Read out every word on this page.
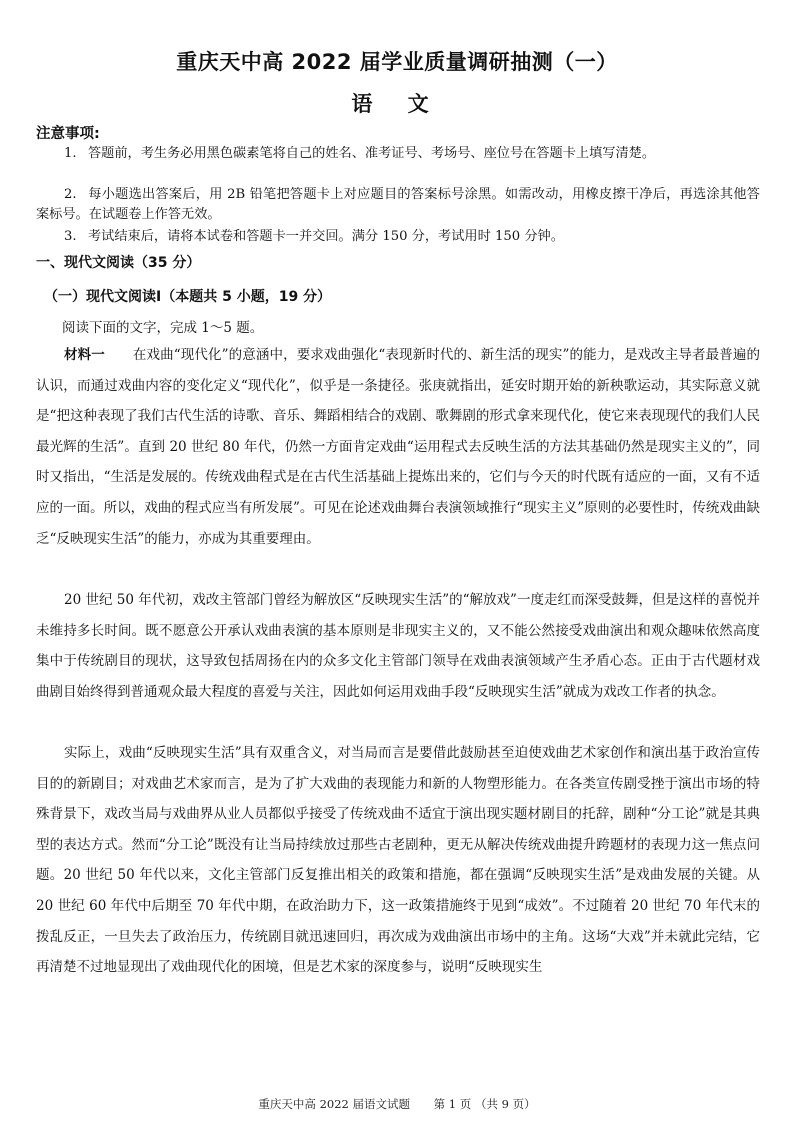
重庆天中高 2022 届学业质量调研抽测（一）
语 文
注意事项:
1. 答题前，考生务必用黑色碳素笔将自己的姓名、准考证号、考场号、座位号在答题卡上填写清楚。
2. 每小题选出答案后，用 2B 铅笔把答题卡上对应题目的答案标号涂黑。如需改动，用橡皮擦干净后，再选涂其他答案标号。在试题卷上作答无效。
3. 考试结束后，请将本试卷和答题卡一并交回。满分 150 分，考试用时 150 分钟。
一、现代文阅读（35 分）
（一）现代文阅读Ⅰ（本题共 5 小题，19 分）
阅读下面的文字，完成 1～5 题。

材料一 在戏曲“现代化”的意涵中，要求戏曲强化“表现新时代的、新生活的现实”的能力，是戏改主导者最普遍的认识，而通过戏曲内容的变化定义“现代化”，似乎是一条捷径。张庚就指出，延安时期开始的新秧歌运动，其实际意义就是“把这种表现了我们古代生活的诗歌、音乐、舞蹈相结合的戏剧、歌舞剧的形式拿来现代化，使它来表现现代的我们人民最光辉的生活”。直到 20 世纪 80 年代，仍然一方面肯定戏曲“运用程式去反映生活的方法其基础仍然是现实主义的”，同时又指出，“生活是发展的。传统戏曲程式是在古代生活基础上提炼出来的，它们与今天的时代既有适应的一面，又有不适应的一面。所以，戏曲的程式应当有所发展”。可见在论述戏曲舞台表演领域推行“现实主义”原则的必要性时，传统戏曲缺乏“反映现实生活”的能力，亦成为其重要理由。

20 世纪 50 年代初，戏改主管部门曾经为解放区“反映现实生活”的“解放戏”一度走红而深受鼓舞，但是这样的喜悦并未维持多长时间。既不愿意公开承认戏曲表演的基本原则是非现实主义的，又不能公然接受戏曲演出和观众趣味依然高度集中于传统剧目的现状，这导致包括周扬在内的众多文化主管部门领导在戏曲表演领域产生矛盾心态。正由于古代题材戏曲剧目始终得到普通观众最大程度的喜爱与关注，因此如何运用戏曲手段“反映现实生活”就成为戏改工作者的执念。

实际上，戏曲“反映现实生活”具有双重含义，对当局而言是要借此鼓励甚至迫使戏曲艺术家创作和演出基于政治宣传目的的新剧目；对戏曲艺术家而言，是为了扩大戏曲的表现能力和新的人物塑形能力。在各类宣传剧受挫于演出市场的特殊背景下，戏改当局与戏曲界从业人员都似乎接受了传统戏曲不适宜于演出现实题材剧目的托辞，剧种“分工论”就是其典型的表达方式。然而“分工论”既没有让当局持续放过那些古老剧种，更无从解决传统戏曲提升跨题材的表现力这一焦点问题。20 世纪 50 年代以来，文化主管部门反复推出相关的政策和措施，都在强调“反映现实生活”是戏曲发展的关键。从 20 世纪 60 年代中后期至 70 年代中期，在政治助力下，这一政策措施终于见到“成效”。不过随着 20 世纪 70 年代末的拨乱反正，一旦失去了政治压力，传统剧目就迅速回归，再次成为戏曲演出市场中的主角。这场“大戏”并未就此完结，它再清楚不过地显现出了戏曲现代化的困境，但是艺术家的深度参与，说明“反映现实生

重庆天中高 2022 届语文试题 第 1 页 （共 9 页）
